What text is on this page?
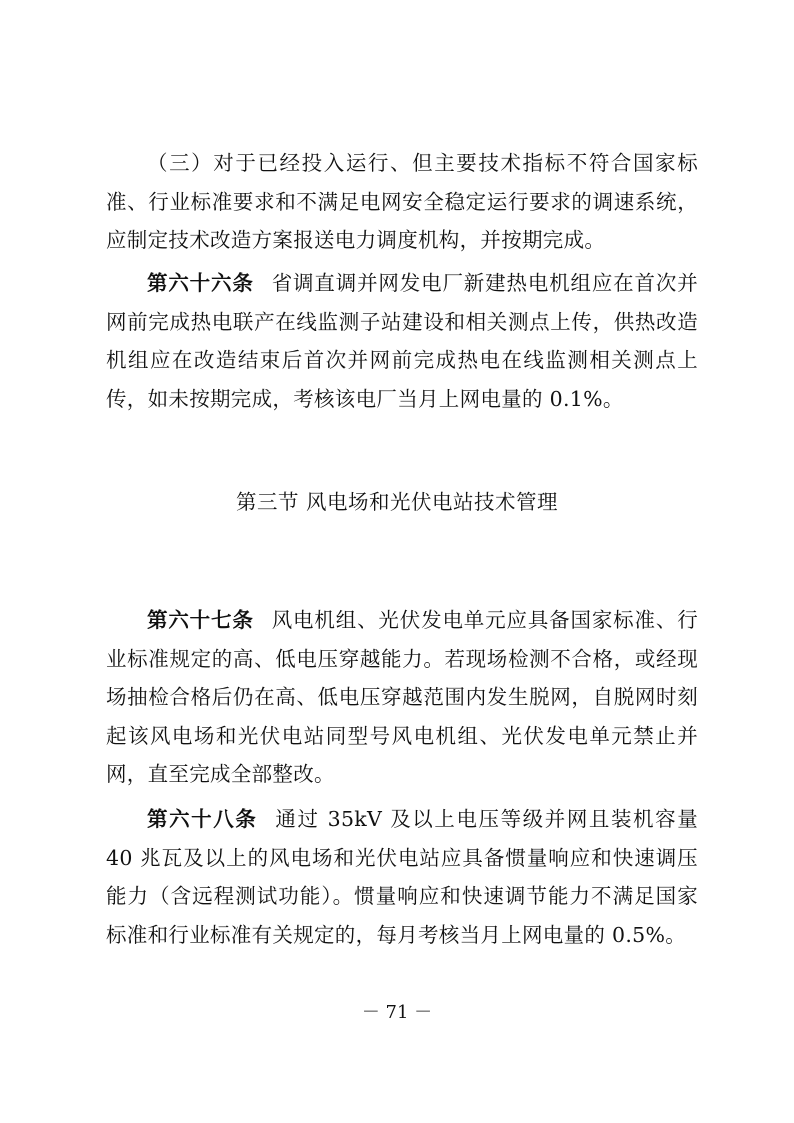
（三）对于已经投入运行、但主要技术指标不符合国家标准、行业标准要求和不满足电网安全稳定运行要求的调速系统，应制定技术改造方案报送电力调度机构，并按期完成。

第六十六条 省调直调并网发电厂新建热电机组应在首次并网前完成热电联产在线监测子站建设和相关测点上传，供热改造机组应在改造结束后首次并网前完成热电在线监测相关测点上传，如未按期完成，考核该电厂当月上网电量的 0.1%。

第三节 风电场和光伏电站技术管理

第六十七条 风电机组、光伏发电单元应具备国家标准、行业标准规定的高、低电压穿越能力。若现场检测不合格，或经现场抽检合格后仍在高、低电压穿越范围内发生脱网，自脱网时刻起该风电场和光伏电站同型号风电机组、光伏发电单元禁止并网，直至完成全部整改。

第六十八条 通过 35kV 及以上电压等级并网且装机容量 40 兆瓦及以上的风电场和光伏电站应具备惯量响应和快速调压能力（含远程测试功能）。惯量响应和快速调节能力不满足国家标准和行业标准有关规定的，每月考核当月上网电量的 0.5%。

－ 71 －
